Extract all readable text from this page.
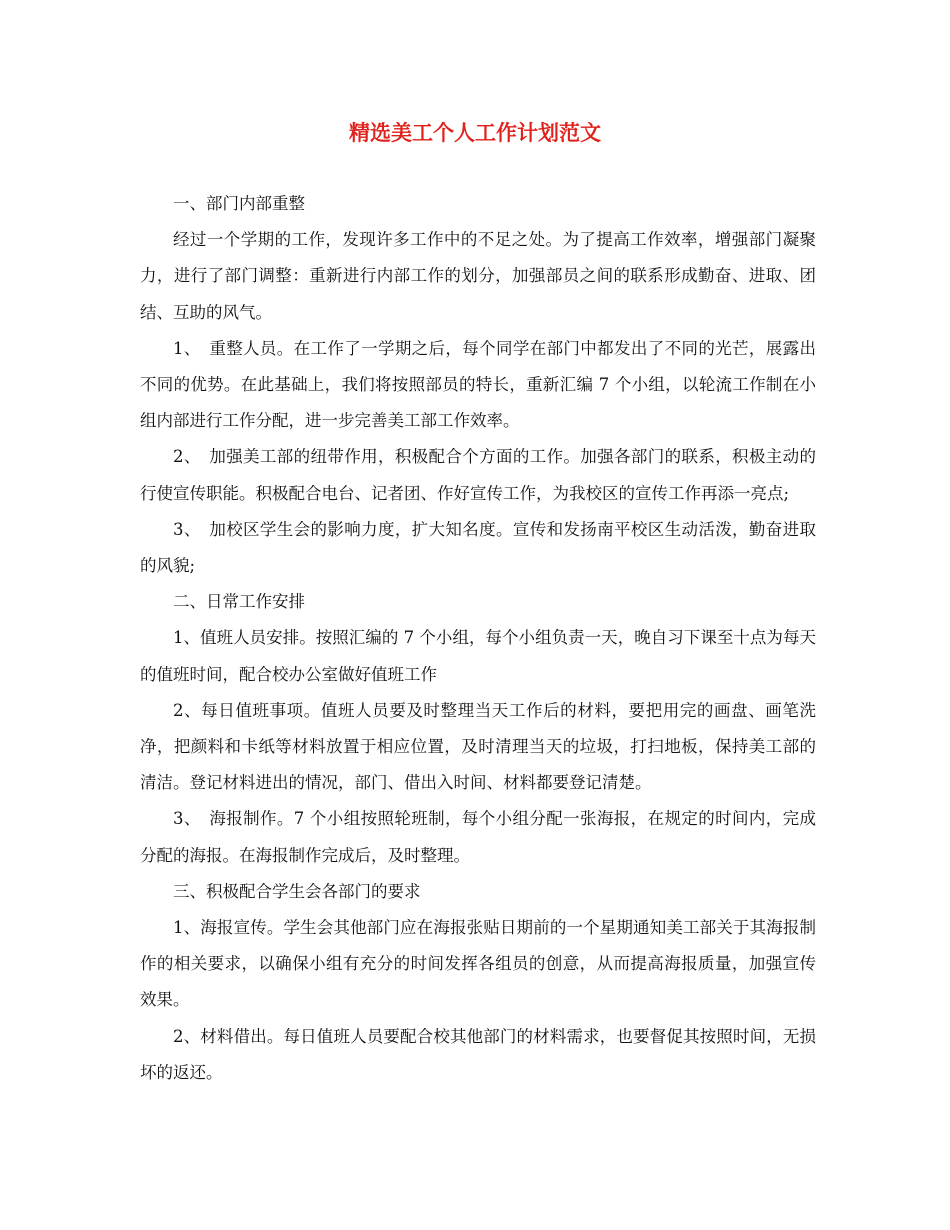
精选美工个人工作计划范文

一、部门内部重整

经过一个学期的工作，发现许多工作中的不足之处。为了提高工作效率，增强部门凝聚力，进行了部门调整：重新进行内部工作的划分，加强部员之间的联系形成勤奋、进取、团结、互助的风气。

1、　重整人员。在工作了一学期之后，每个同学在部门中都发出了不同的光芒，展露出不同的优势。在此基础上，我们将按照部员的特长，重新汇编 7 个小组，以轮流工作制在小组内部进行工作分配，进一步完善美工部工作效率。

2、　加强美工部的纽带作用，积极配合个方面的工作。加强各部门的联系，积极主动的行使宣传职能。积极配合电台、记者团、作好宣传工作，为我校区的宣传工作再添一亮点;

3、　加校区学生会的影响力度，扩大知名度。宣传和发扬南平校区生动活泼，勤奋进取的风貌;

二、日常工作安排

1、值班人员安排。按照汇编的 7 个小组，每个小组负责一天，晚自习下课至十点为每天的值班时间，配合校办公室做好值班工作

2、每日值班事项。值班人员要及时整理当天工作后的材料，要把用完的画盘、画笔洗净，把颜料和卡纸等材料放置于相应位置，及时清理当天的垃圾，打扫地板，保持美工部的清洁。登记材料进出的情况，部门、借出入时间、材料都要登记清楚。

3、　海报制作。7 个小组按照轮班制，每个小组分配一张海报，在规定的时间内，完成分配的海报。在海报制作完成后，及时整理。

三、积极配合学生会各部门的要求

1、海报宣传。学生会其他部门应在海报张贴日期前的一个星期通知美工部关于其海报制作的相关要求，以确保小组有充分的时间发挥各组员的创意，从而提高海报质量，加强宣传效果。

2、材料借出。每日值班人员要配合校其他部门的材料需求，也要督促其按照时间，无损坏的返还。
